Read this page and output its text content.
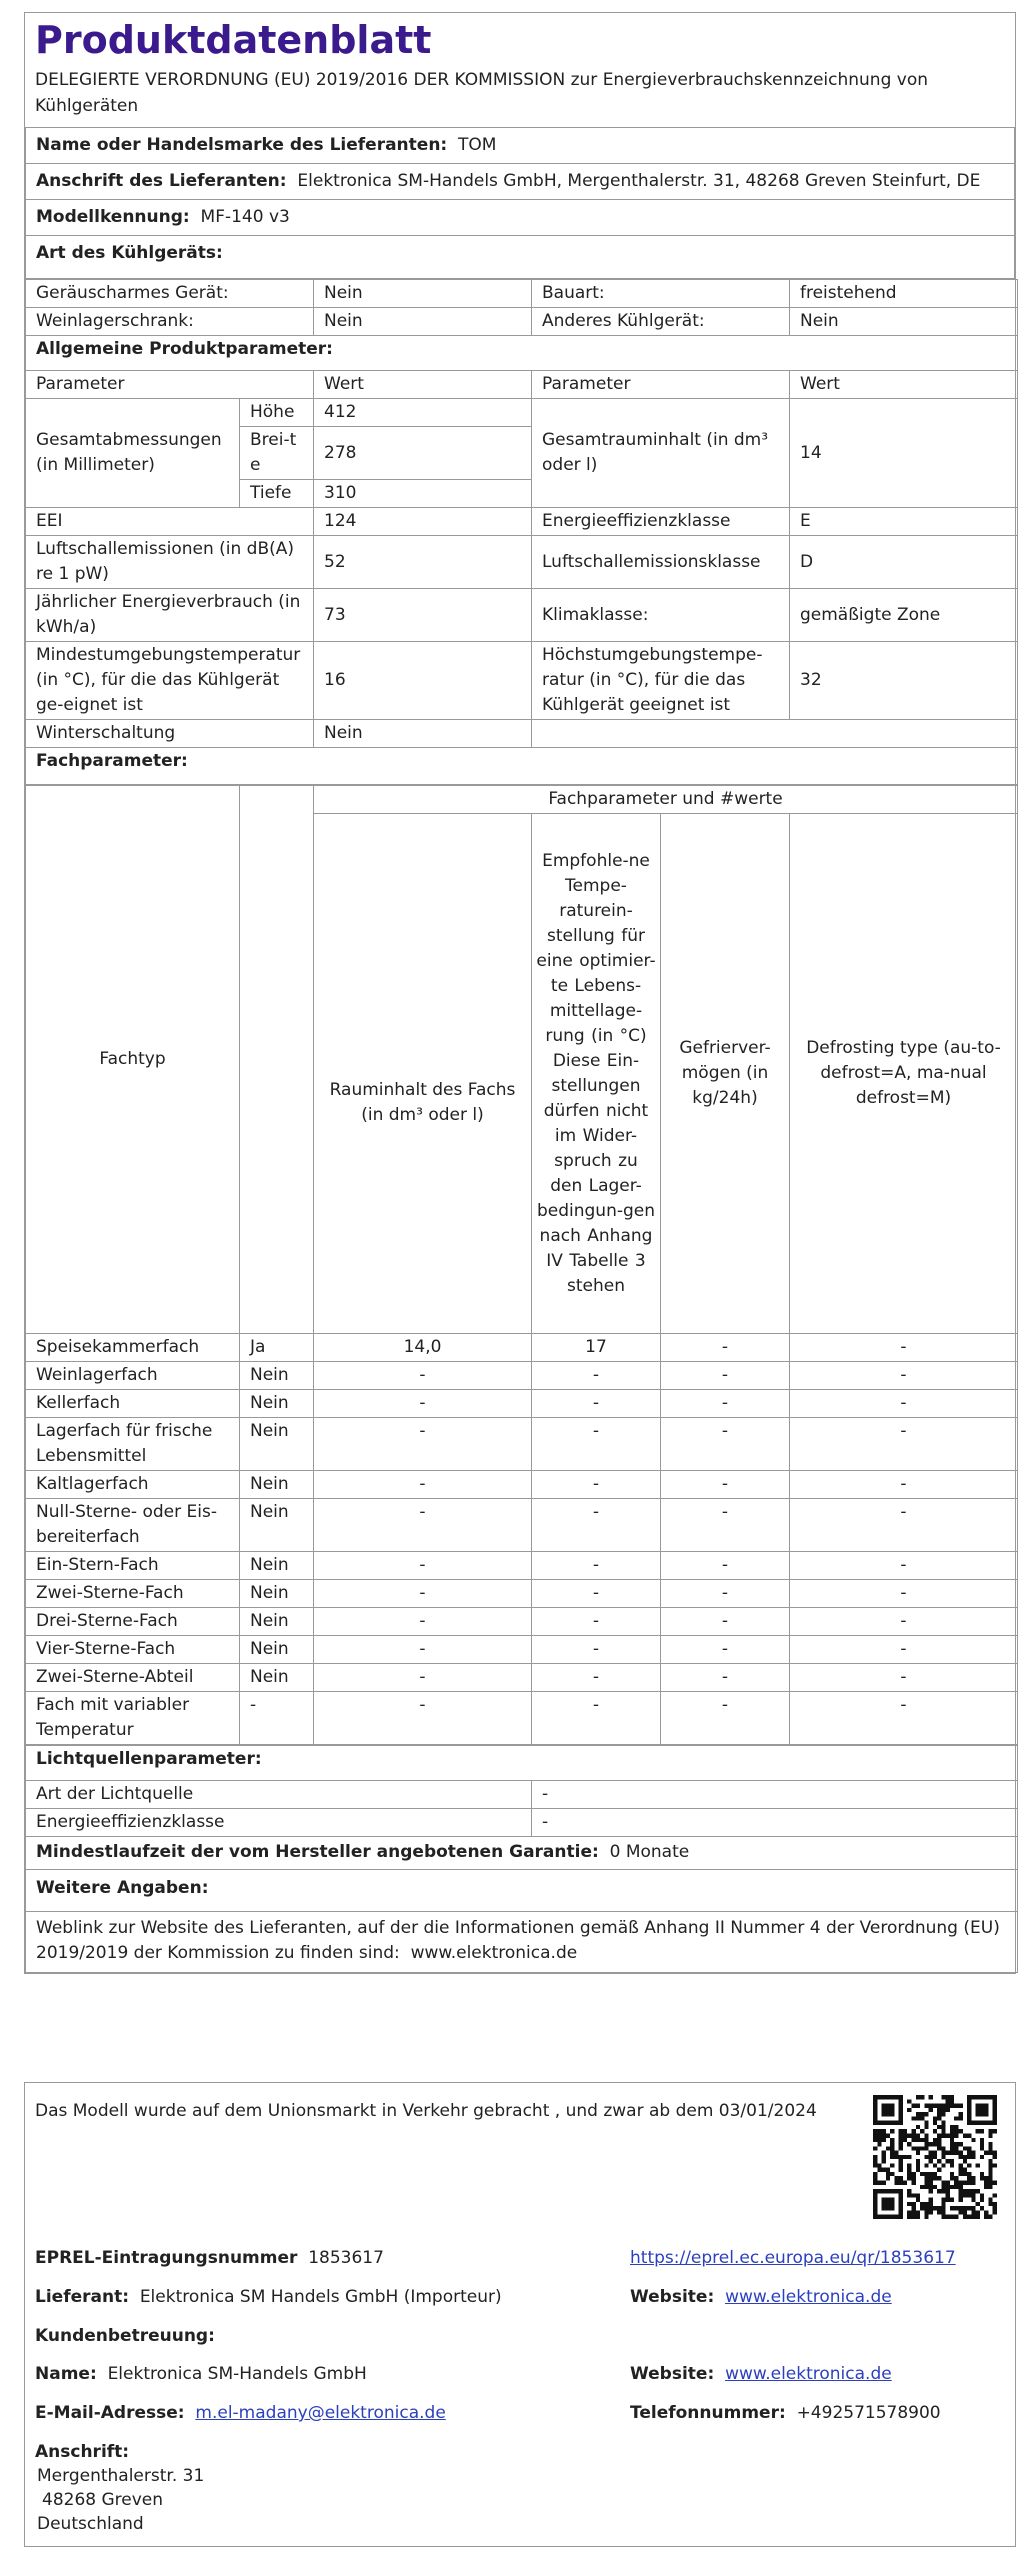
Produktdatenblatt
DELEGIERTE VERORDNUNG (EU) 2019/2016 DER KOMMISSION zur Energieverbrauchskennzeichnung von Kühlgeräten
Name oder Handelsmarke des Lieferanten: TOM
Anschrift des Lieferanten: Elektronica SM-Handels GmbH, Mergenthalerstr. 31, 48268 Greven Steinfurt, DE
Modellkennung: MF-140 v3
Art des Kühlgeräts:
Geräuscharmes Gerät:		Nein	Bauart:	freistehend
Weinlagerschrank:		Nein	Anderes Kühlgerät:	Nein
Allgemeine Produktparameter:				
Parameter		Wert	Parameter	Wert
Gesamtabmessungen (in Millimeter)	Höhe	412	Gesamtrauminhalt (in dm³ oder l)	14
	Brei-te	278		
	Tiefe	310		
EEI		124	Energieeffizienzklasse	E
Luftschallemissionen (in dB(A) re 1 pW)		52	Luftschallemissionsklasse	D
Jährlicher Energieverbrauch (in kWh/a)		73	Klimaklasse:	gemäßigte Zone
Mindestumgebungstemperatur (in °C), für die das Kühlgerät ge-eignet ist		16	Höchstumgebungstempe-ratur (in °C), für die das Kühlgerät geeignet ist	32
Winterschaltung		Nein		
Fachparameter:				
Fachtyp		Fachparameter und #werte			
		Rauminhalt des Fachs (in dm³ oder l)	Empfohle-ne Tempe-raturein-stellung für eine optimier-te Lebens-mittellage-rung (in °C) Diese Ein-stellungen dürfen nicht im Wider-spruch zu den Lager-bedingun-gen nach Anhang IV Tabelle 3 stehen	Gefrierver-mögen (in kg/24h)	Defrosting type (au-to-defrost=A, ma-nual defrost=M)
Speisekammerfach	Ja	14,0	17	-	-
Weinlagerfach	Nein	-	-	-	-
Kellerfach	Nein	-	-	-	-
Lagerfach für frische Lebensmittel	Nein	-	-	-	-
Kaltlagerfach	Nein	-	-	-	-
Null-Sterne- oder Eis-bereiterfach	Nein	-	-	-	-
Ein-Stern-Fach	Nein	-	-	-	-
Zwei-Sterne-Fach	Nein	-	-	-	-
Drei-Sterne-Fach	Nein	-	-	-	-
Vier-Sterne-Fach	Nein	-	-	-	-
Zwei-Sterne-Abteil	Nein	-	-	-	-
Fach mit variabler Temperatur	-	-	-	-	-
Lichtquellenparameter:	
Art der Lichtquelle	-
Energieeffizienzklasse	-
Mindestlaufzeit der vom Hersteller angebotenen Garantie: 0 Monate	
Weitere Angaben:	
Weblink zur Website des Lieferanten, auf der die Informationen gemäß Anhang II Nummer 4 der Verordnung (EU) 2019/2019 der Kommission zu finden sind: www.elektronica.de	
Das Modell wurde auf dem Unionsmarkt in Verkehr gebracht , und zwar ab dem 03/01/2024
EPREL-Eintragungsnummer 1853617	https://eprel.ec.europa.eu/qr/1853617
Lieferant: Elektronica SM Handels GmbH (Importeur)	Website: www.elektronica.de
Kundenbetreuung:
Name: Elektronica SM-Handels GmbH	Website: www.elektronica.de
E-Mail-Adresse: m.el-madany@elektronica.de	Telefonnummer: +492571578900
Anschrift:
Mergenthalerstr. 31
48268 Greven
Deutschland
